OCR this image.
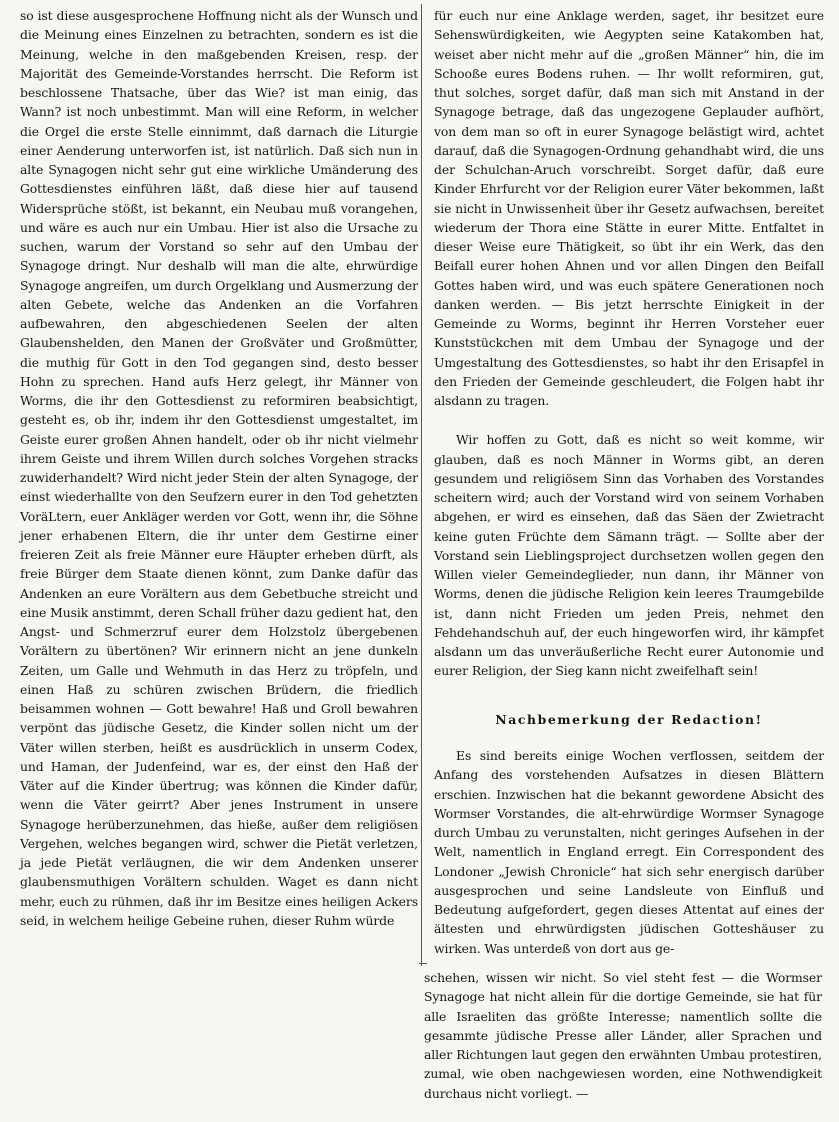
so ist diese ausgesprochene Hoffnung nicht als der Wunsch und die Meinung eines Einzelnen zu betrachten, sondern es ist die Meinung, welche in den maßgebenden Kreisen, resp. der Majorität des Gemeinde-Vorstandes herrscht. Die Reform ist beschlossene Thatsache, über das Wie? ist man einig, das Wann? ist noch unbestimmt. Man will eine Reform, in welcher die Orgel die erste Stelle einnimmt, daß darnach die Liturgie einer Aenderung unterworfen ist, ist natürlich. Daß sich nun in alte Synagogen nicht sehr gut eine wirkliche Umänderung des Gottesdienstes einführen läßt, daß diese hier auf tausend Widersprüche stößt, ist bekannt, ein Neubau muß vorangehen, und wäre es auch nur ein Umbau. Hier ist also die Ursache zu suchen, warum der Vorstand so sehr auf den Umbau der Synagoge dringt. Nur deshalb will man die alte, ehrwürdige Synagoge angreifen, um durch Orgelklang und Ausmerzung der alten Gebete, welche das Andenken an die Vorfahren aufbewahren, den abgeschiedenen Seelen der alten Glaubenshelden, den Manen der Großväter und Großmütter, die muthig für Gott in den Tod gegangen sind, desto besser Hohn zu sprechen. Hand aufs Herz gelegt, ihr Männer von Worms, die ihr den Gottesdienst zu reformiren beabsichtigt, gesteht es, ob ihr, indem ihr den Gottesdienst umgestaltet, im Geiste eurer großen Ahnen handelt, oder ob ihr nicht vielmehr ihrem Geiste und ihrem Willen durch solches Vorgehen stracks zuwiderhandelt? Wird nicht jeder Stein der alten Synagoge, der einst wiederhallte von den Seufzern eurer in den Tod gehetzten VoräLtern, euer Ankläger werden vor Gott, wenn ihr, die Söhne jener erhabenen Eltern, die ihr unter dem Gestirne einer freieren Zeit als freie Männer eure Häupter erheben dürft, als freie Bürger dem Staate dienen könnt, zum Danke dafür das Andenken an eure Vorältern aus dem Gebetbuche streicht und eine Musik anstimmt, deren Schall früher dazu gedient hat, den Angst- und Schmerzruf eurer dem Holzstolz übergebenen Vorältern zu übertönen? Wir erinnern nicht an jene dunkeln Zeiten, um Galle und Wehmuth in das Herz zu tröpfeln, und einen Haß zu schüren zwischen Brüdern, die friedlich beisammen wohnen — Gott bewahre! Haß und Groll bewahren verpönt das jüdische Gesetz, die Kinder sollen nicht um der Väter willen sterben, heißt es ausdrücklich in unserm Codex, und Haman, der Judenfeind, war es, der einst den Haß der Väter auf die Kinder übertrug; was können die Kinder dafür, wenn die Väter geirrt? Aber jenes Instrument in unsere Synagoge herüberzunehmen, das hieße, außer dem religiösen Vergehen, welches begangen wird, schwer die Pietät verletzen, ja jede Pietät verläugnen, die wir dem Andenken unserer glaubensmuthigen Vorältern schulden. Waget es dann nicht mehr, euch zu rühmen, daß ihr im Besitze eines heiligen Ackers seid, in welchem heilige Gebeine ruhen, dieser Ruhm würde

für euch nur eine Anklage werden, saget, ihr besitzet eure Sehenswürdigkeiten, wie Aegypten seine Katakomben hat, weiset aber nicht mehr auf die „großen Männer“ hin, die im Schooße eures Bodens ruhen. — Ihr wollt reformiren, gut, thut solches, sorget dafür, daß man sich mit Anstand in der Synagoge betrage, daß das ungezogene Geplauder aufhört, von dem man so oft in eurer Synagoge belästigt wird, achtet darauf, daß die Synagogen-Ordnung gehandhabt wird, die uns der Schulchan-Aruch vorschreibt. Sorget dafür, daß eure Kinder Ehrfurcht vor der Religion eurer Väter bekommen, laßt sie nicht in Unwissenheit über ihr Gesetz aufwachsen, bereitet wiederum der Thora eine Stätte in eurer Mitte. Entfaltet in dieser Weise eure Thätigkeit, so übt ihr ein Werk, das den Beifall eurer hohen Ahnen und vor allen Dingen den Beifall Gottes haben wird, und was euch spätere Generationen noch danken werden. — Bis jetzt herrschte Einigkeit in der Gemeinde zu Worms, beginnt ihr Herren Vorsteher euer Kunststückchen mit dem Umbau der Synagoge und der Umgestaltung des Gottesdienstes, so habt ihr den Erisapfel in den Frieden der Gemeinde geschleudert, die Folgen habt ihr alsdann zu tragen.

Wir hoffen zu Gott, daß es nicht so weit komme, wir glauben, daß es noch Männer in Worms gibt, an deren gesundem und religiösem Sinn das Vorhaben des Vorstandes scheitern wird; auch der Vorstand wird von seinem Vorhaben abgehen, er wird es einsehen, daß das Säen der Zwietracht keine guten Früchte dem Sämann trägt. — Sollte aber der Vorstand sein Lieblingsproject durchsetzen wollen gegen den Willen vieler Gemeindeglieder, nun dann, ihr Männer von Worms, denen die jüdische Religion kein leeres Traumgebilde ist, dann nicht Frieden um jeden Preis, nehmet den Fehdehandschuh auf, der euch hingeworfen wird, ihr kämpfet alsdann um das unveräußerliche Recht eurer Autonomie und eurer Religion, der Sieg kann nicht zweifelhaft sein!

Nachbemerkung der Redaction!

Es sind bereits einige Wochen verflossen, seitdem der Anfang des vorstehenden Aufsatzes in diesen Blättern erschien. Inzwischen hat die bekannt gewordene Absicht des Wormser Vorstandes, die alt-ehrwürdige Wormser Synagoge durch Umbau zu verunstalten, nicht geringes Aufsehen in der Welt, namentlich in England erregt. Ein Correspondent des Londoner „Jewish Chronicle“ hat sich sehr energisch darüber ausgesprochen und seine Landsleute von Einfluß und Bedeutung aufgefordert, gegen dieses Attentat auf eines der ältesten und ehrwürdigsten jüdischen Gotteshäuser zu wirken. Was unterdeß von dort aus ge-

schehen, wissen wir nicht. So viel steht fest — die Wormser Synagoge hat nicht allein für die dortige Gemeinde, sie hat für alle Israeliten das größte Interesse; namentlich sollte die gesammte jüdische Presse aller Länder, aller Sprachen und aller Richtungen laut gegen den erwähnten Umbau protestiren, zumal, wie oben nachgewiesen worden, eine Nothwendigkeit durchaus nicht vorliegt. —
